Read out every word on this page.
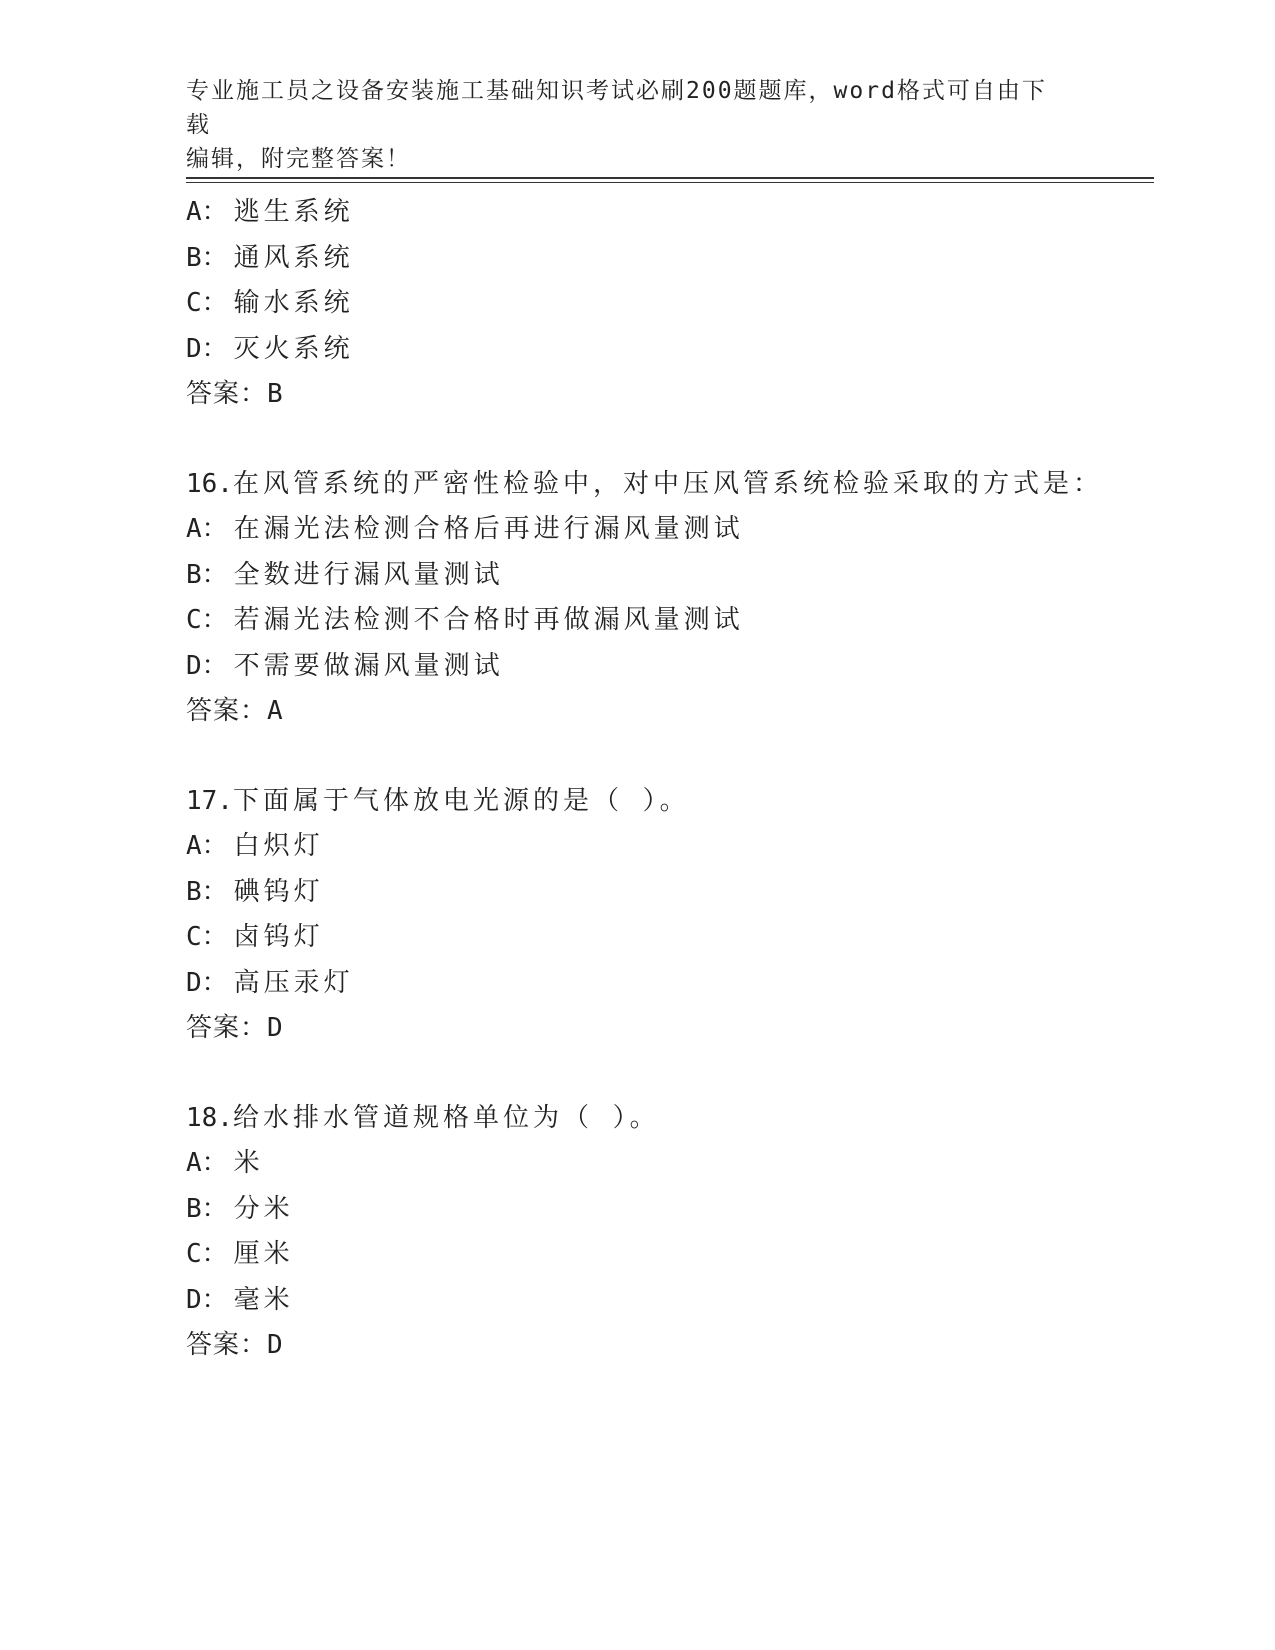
专业施工员之设备安装施工基础知识考试必刷200题题库，word格式可自由下载
编辑，附完整答案！
A： 逃生系统
B： 通风系统
C： 输水系统
D： 灭火系统
答案：B
16.在风管系统的严密性检验中，对中压风管系统检验采取的方式是：
A： 在漏光法检测合格后再进行漏风量测试
B： 全数进行漏风量测试
C： 若漏光法检测不合格时再做漏风量测试
D： 不需要做漏风量测试
答案：A
17.下面属于气体放电光源的是（ ）。
A： 白炽灯
B： 碘钨灯
C： 卤钨灯
D： 高压汞灯
答案：D
18.给水排水管道规格单位为（ ）。
A： 米
B： 分米
C： 厘米
D： 毫米
答案：D
